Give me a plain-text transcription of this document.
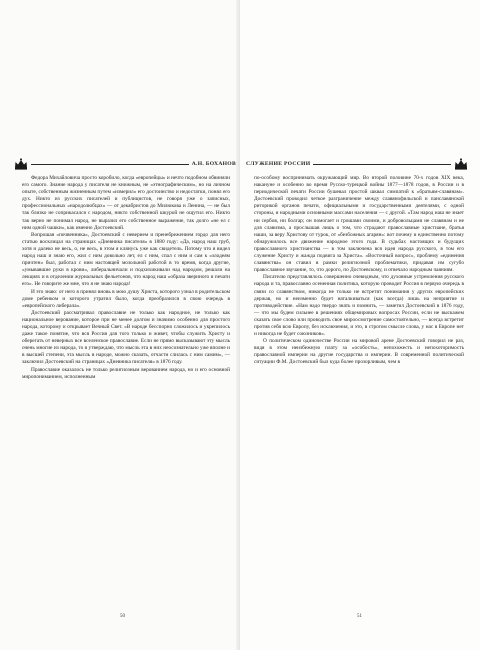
А.Н. БОХАНОВ

Федора Михайловича просто коробило, когда «европейцы» и нечто подобном обвиняли его самого. Знание народа у писателя не книжным, не «этнографическим», но на личном опыте, собственным жизненным путем «измерил» его достоинство и недостатки, понял его дух. Никто из русских писателей и публицистов, не говоря уже о записных, профессиональных «народолюбцах» — от декабристов до Милюкова и Ленина, — не был так близко не соприкасался с народом, никто собственной шкурой не ощутил его. Никто так верно не понимал народ, не выразил его собственное выражение, так долго «не ел с ним одной чашки», как именно Достоевский.

Вопрошая «почвенника», Достоевский с неверием и пренебрежением гордо для него статью восклицал на страницах «Дневника писателя» в 1880 году: «Да, народ наш груб, хотя и далеко не весь, о, не весь, в этом я клянусь уже как свидетель. Потому что я видел народ наш и знаю его, жил с ним довольно лет, ел с ним, спал с ним и сам к «злодеям причтен» был, работал с ним настоящей мозольной работой в то время, когда другие, «умывавшие руки в крови», либеральничали и подхихикивали над народом, решали на лекциях и в отделении журнальных фельетонов, что народ наш «образа звериного и печати его». Не говорите же мне, что я не знаю народа!

И это знаю: от него я принял вновь в мою душу Христа, которого узнал в родительском доме ребенком и которого утратил было, когда преобразился в свою очередь в «европейского либерала».

Достоевский рассматривал православие не только как народное, не только как национальное верование, которое при не менее долгом и значимо особенно для простого народа, которому и открывает Вечный Свет. «В народе бесспорно сложилось и укрепилось даже такое понятие, что вся Россия для того только и живет, чтобы служить Христу и оберегать от неверных все вселенское православие. Если не прямо высказывают эту мысль очень многие из народа, то я утверждаю, что мысль эта в них неосознательно уже вполне и в высшей степени, эта мысль в народе, можно сказать, отчасти слилась с ним самим», — заключил Достоевский на страницах «Дневника писателя» в 1876 году.

Православие оказалось не только религиозным верованием народа, но и его основной миропониманием, исполненным

50
СЛУЖЕНИЕ РОССИИ

по-особому воспринимать окружающий мир. Во второй половине 70-х годов XIX века, накануне и особенно во время Русско-турецкой войны 1877—1878 годов, в России и в периодической печати России бушевал простой шквал симпатий к «братьям-славянам». Достоевский проводил четкое разграничение между славянофильской и панславянской риторикой органов печати, официальными и государственными деятелями, с одной стороны, и народными основными массами населения — с другой. «Там народ наш не знает ни сербов, ни болгар; он помогает и грошами своими, и добровольцами не славянам и не для славизма, а прослышав лишь о том, что страдают православные христиане, братья наши, за веру Христову от турок, от «безбожных агарян»: вот почему и единственно потому обнаружилось все движение народное этого года. В судьбах настоящих и будущих православного христианства — в том заключена вся идея народа русского, в том его служение Христу и жажда подвига за Христа». «Восточный вопрос», проблему «единения славянства» он ставил в рамки религиозной проблематики, придавая им сугубо православное звучание, то, что дорого, по Достоевскому, и отвечало народным чаяниям.

Писателю представлялось совершенно очевидным, что духовные устремления русского народа и та, православно осененная политика, которую проводит Россия в первую очередь в связи со славянством, никогда не только не встретит понимания у других европейских держав, но и неизменно будет наталкиваться (как всегда) лишь на неприятие и противодействие. «Нам надо твердо знать и помнить, — заметил Достоевский в 1876 году, — что мы будем сильнее в решениях общемировых вопросах России, если не выскажем сказать свое слово или проводить свое мироосмотрение самостоятельно, — всегда встретит против себя всю Европу, без исключения, и это, в строгом смысле слова, у нас в Европе нет и никогда не будет союзников».

О политическом одиночестве России на мировой арене Достоевский говорил не раз, видя в этом неизбежную плату за «особость», непохожесть и непохоторимость православной империи на другие государства и империи. В современной политической ситуации Ф.М. Достоевский был куда более прозорливым, чем в

51
